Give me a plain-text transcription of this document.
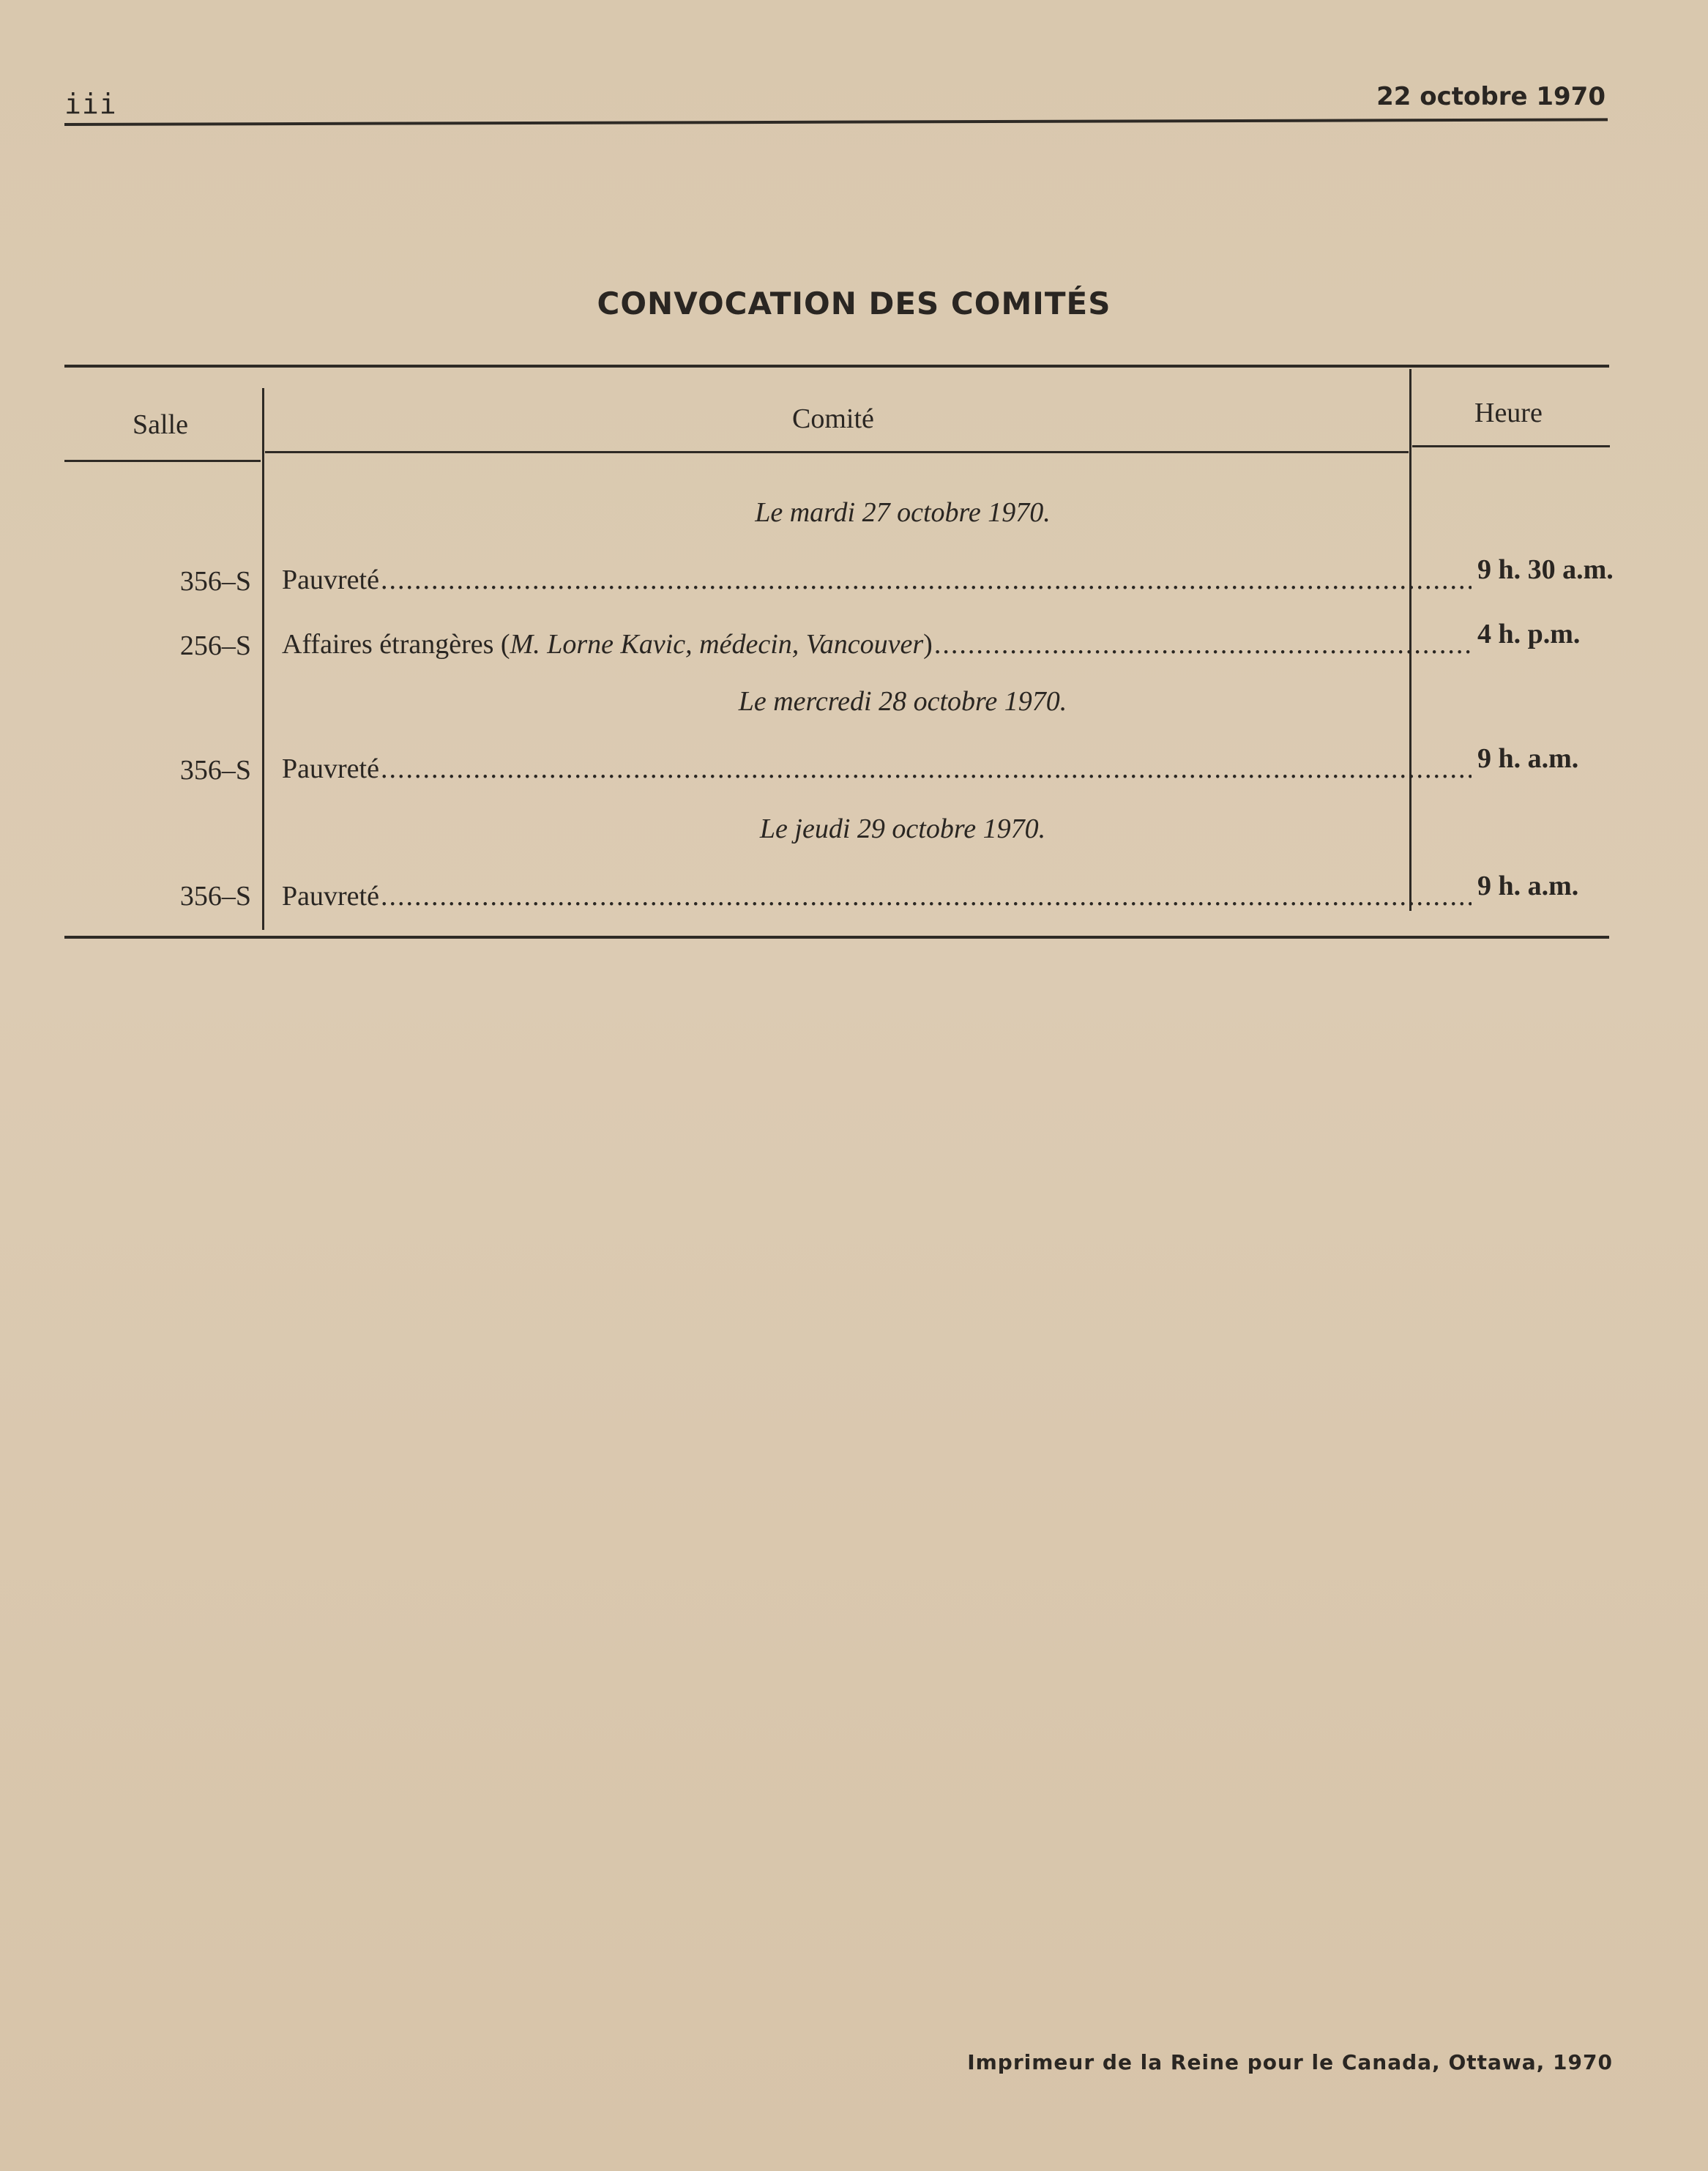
iii	22 octobre 1970
CONVOCATION DES COMITÉS
Salle	Comité	Heure
Le mardi 27 octobre 1970.
356–S Pauvreté .....	9 h. 30 a.m.
256–S Affaires étrangères ( M. Lorne Kavic, médecin, Vancouver ) .....	4 h. p.m.
Le mercredi 28 octobre 1970.
356–S Pauvreté .....	9 h. a.m.
Le jeudi 29 octobre 1970.
356–S Pauvreté .....	9 h. a.m.
Imprimeur de la Reine pour le Canada, Ottawa, 1970
